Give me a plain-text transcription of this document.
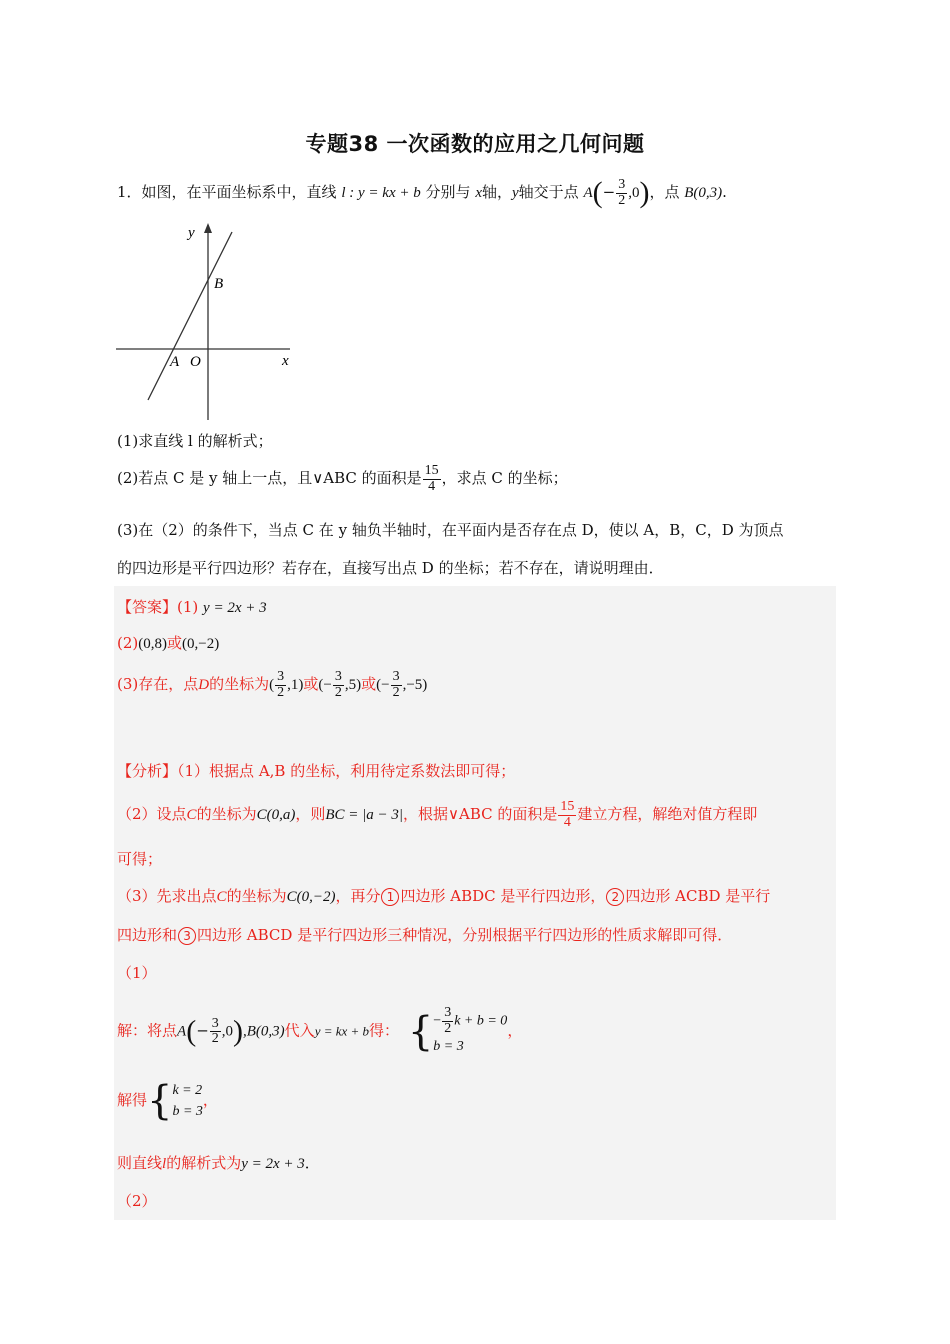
专题38 一次函数的应用之几何问题
1．如图，在平面坐标系中，直线 l : y = kx + b 分别与 x轴，y轴交于点 $A(- \frac{3}{2} ,0)$，点 B(0,3).
y
x
B
A O
(1)求直线 l 的解析式；
(2)若点 C 是 y 轴上一点，且∨ABC 的面积是 $\frac{15}{4}$ ，求点 C 的坐标；
(3)在（2）的条件下，当点 C 在 y 轴负半轴时，在平面内是否存在点 D，使以 A，B，C，D 为顶点
的四边形是平行四边形？若存在，直接写出点 D 的坐标；若不存在，请说明理由．
【答案】(1) y = 2x + 3
(2)(0,8)或(0,−2)
(3)存在，点D的坐标为( $\frac{3}{2} ,1$)或(− $\frac{3}{2} ,5$)或(− $\frac{3}{2} ,-5$)
【分析】（1）根据点 A,B 的坐标，利用待定系数法即可得；
（2）设点C的坐标为C(0,a)，则BC = |a − 3|，根据∨ABC 的面积是 $\frac{15}{4}$ 建立方程，解绝对值方程即
可得；
（3）先求出点C的坐标为C(0,−2)，再分 1 四边形 ABDC 是平行四边形， 2 四边形 ACBD 是平行
四边形和 3 四边形 ABCD 是平行四边形三种情况，分别根据平行四边形的性质求解即可得．
（1）
解：将点$A(- \frac{3}{2} ,0),B(0,3)$代入y = kx + b得： { − $\frac{3}{2}$ k + b = 0
b = 3
，
解得{ k = 2
b = 3
，
则直线l的解析式为y = 2x + 3．
（2）
